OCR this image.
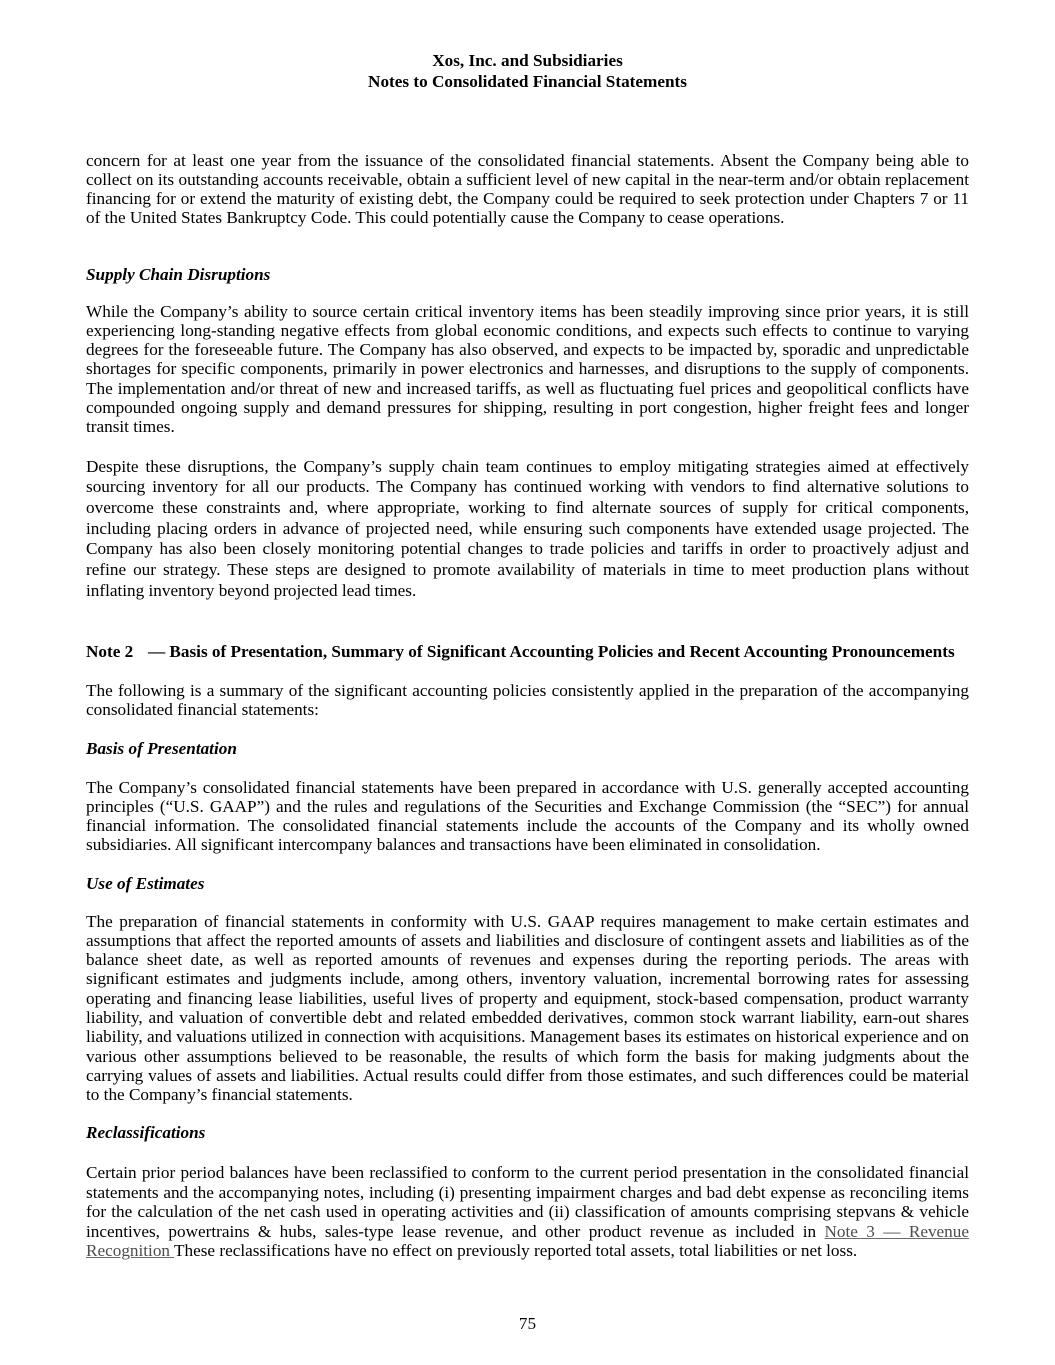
Xos, Inc. and Subsidiaries
Notes to Consolidated Financial Statements

concern for at least one year from the issuance of the consolidated financial statements. Absent the Company being able to collect on its outstanding accounts receivable, obtain a sufficient level of new capital in the near-term and/or obtain replacement financing for or extend the maturity of existing debt, the Company could be required to seek protection under Chapters 7 or 11 of the United States Bankruptcy Code. This could potentially cause the Company to cease operations.

Supply Chain Disruptions

While the Company’s ability to source certain critical inventory items has been steadily improving since prior years, it is still experiencing long-standing negative effects from global economic conditions, and expects such effects to continue to varying degrees for the foreseeable future. The Company has also observed, and expects to be impacted by, sporadic and unpredictable shortages for specific components, primarily in power electronics and harnesses, and disruptions to the supply of components. The implementation and/or threat of new and increased tariffs, as well as fluctuating fuel prices and geopolitical conflicts have compounded ongoing supply and demand pressures for shipping, resulting in port congestion, higher freight fees and longer transit times.

Despite these disruptions, the Company’s supply chain team continues to employ mitigating strategies aimed at effectively sourcing inventory for all our products. The Company has continued working with vendors to find alternative solutions to overcome these constraints and, where appropriate, working to find alternate sources of supply for critical components, including placing orders in advance of projected need, while ensuring such components have extended usage projected. The Company has also been closely monitoring potential changes to trade policies and tariffs in order to proactively adjust and refine our strategy. These steps are designed to promote availability of materials in time to meet production plans without inflating inventory beyond projected lead times.

Note 2 — Basis of Presentation, Summary of Significant Accounting Policies and Recent Accounting Pronouncements

The following is a summary of the significant accounting policies consistently applied in the preparation of the accompanying consolidated financial statements:

Basis of Presentation

The Company’s consolidated financial statements have been prepared in accordance with U.S. generally accepted accounting principles (“U.S. GAAP”) and the rules and regulations of the Securities and Exchange Commission (the “SEC”) for annual financial information. The consolidated financial statements include the accounts of the Company and its wholly owned subsidiaries. All significant intercompany balances and transactions have been eliminated in consolidation.

Use of Estimates

The preparation of financial statements in conformity with U.S. GAAP requires management to make certain estimates and assumptions that affect the reported amounts of assets and liabilities and disclosure of contingent assets and liabilities as of the balance sheet date, as well as reported amounts of revenues and expenses during the reporting periods. The areas with significant estimates and judgments include, among others, inventory valuation, incremental borrowing rates for assessing operating and financing lease liabilities, useful lives of property and equipment, stock-based compensation, product warranty liability, and valuation of convertible debt and related embedded derivatives, common stock warrant liability, earn-out shares liability, and valuations utilized in connection with acquisitions. Management bases its estimates on historical experience and on various other assumptions believed to be reasonable, the results of which form the basis for making judgments about the carrying values of assets and liabilities. Actual results could differ from those estimates, and such differences could be material to the Company’s financial statements.

Reclassifications

Certain prior period balances have been reclassified to conform to the current period presentation in the consolidated financial statements and the accompanying notes, including (i) presenting impairment charges and bad debt expense as reconciling items for the calculation of the net cash used in operating activities and (ii) classification of amounts comprising stepvans & vehicle incentives, powertrains & hubs, sales-type lease revenue, and other product revenue as included in Note 3 — Revenue Recognition These reclassifications have no effect on previously reported total assets, total liabilities or net loss.

75
